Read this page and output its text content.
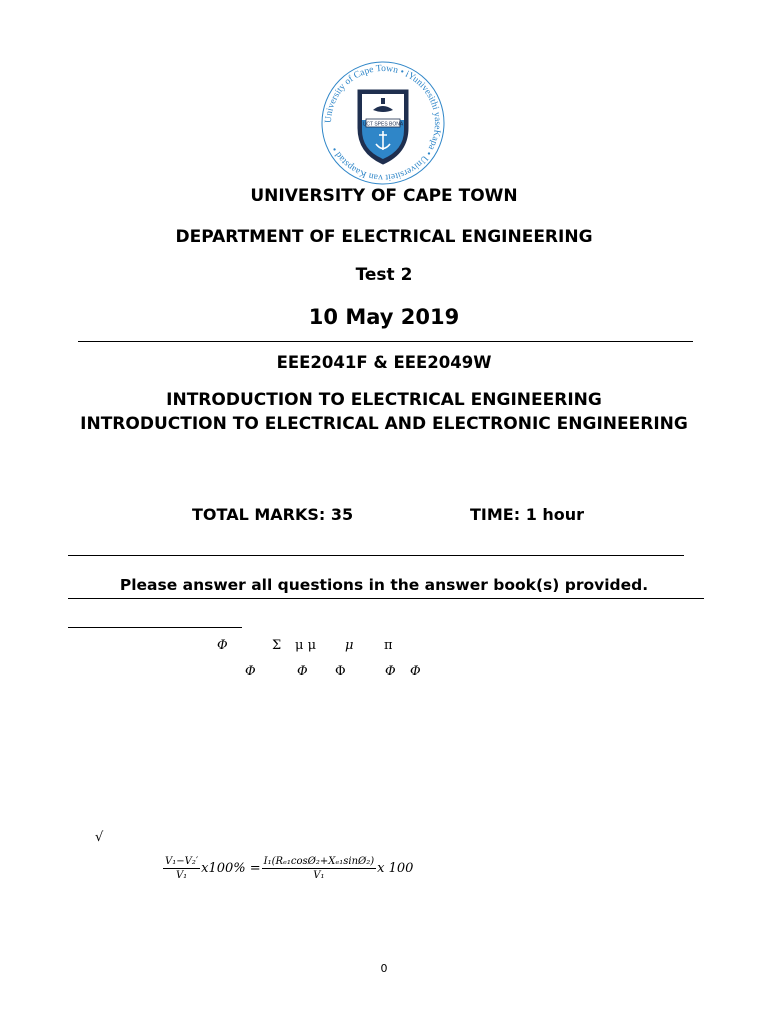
University of Cape Town • iYunivesithi yaseKapa • Universiteit van Kaapstad •
UCT SPES BONA
UNIVERSITY OF CAPE TOWN
DEPARTMENT OF ELECTRICAL ENGINEERING
Test 2
10 May 2019
EEE2041F & EEE2049W
INTRODUCTION TO ELECTRICAL ENGINEERING
INTRODUCTION TO ELECTRICAL AND ELECTRONIC ENGINEERING
TOTAL MARKS: 35	TIME: 1 hour
Please answer all questions in the answer book(s) provided.
Φ	Σ μ μ μ π
Φ	Φ Φ	Φ Φ
√
$\frac{\text{V₁−V₂′}}{\text{V₁}} x100\% = \frac{\text{I₁(Rₑ₁cosØ₂+Xₑ₁sinØ₂)}}{\text{V₁}}$ x 100
0
